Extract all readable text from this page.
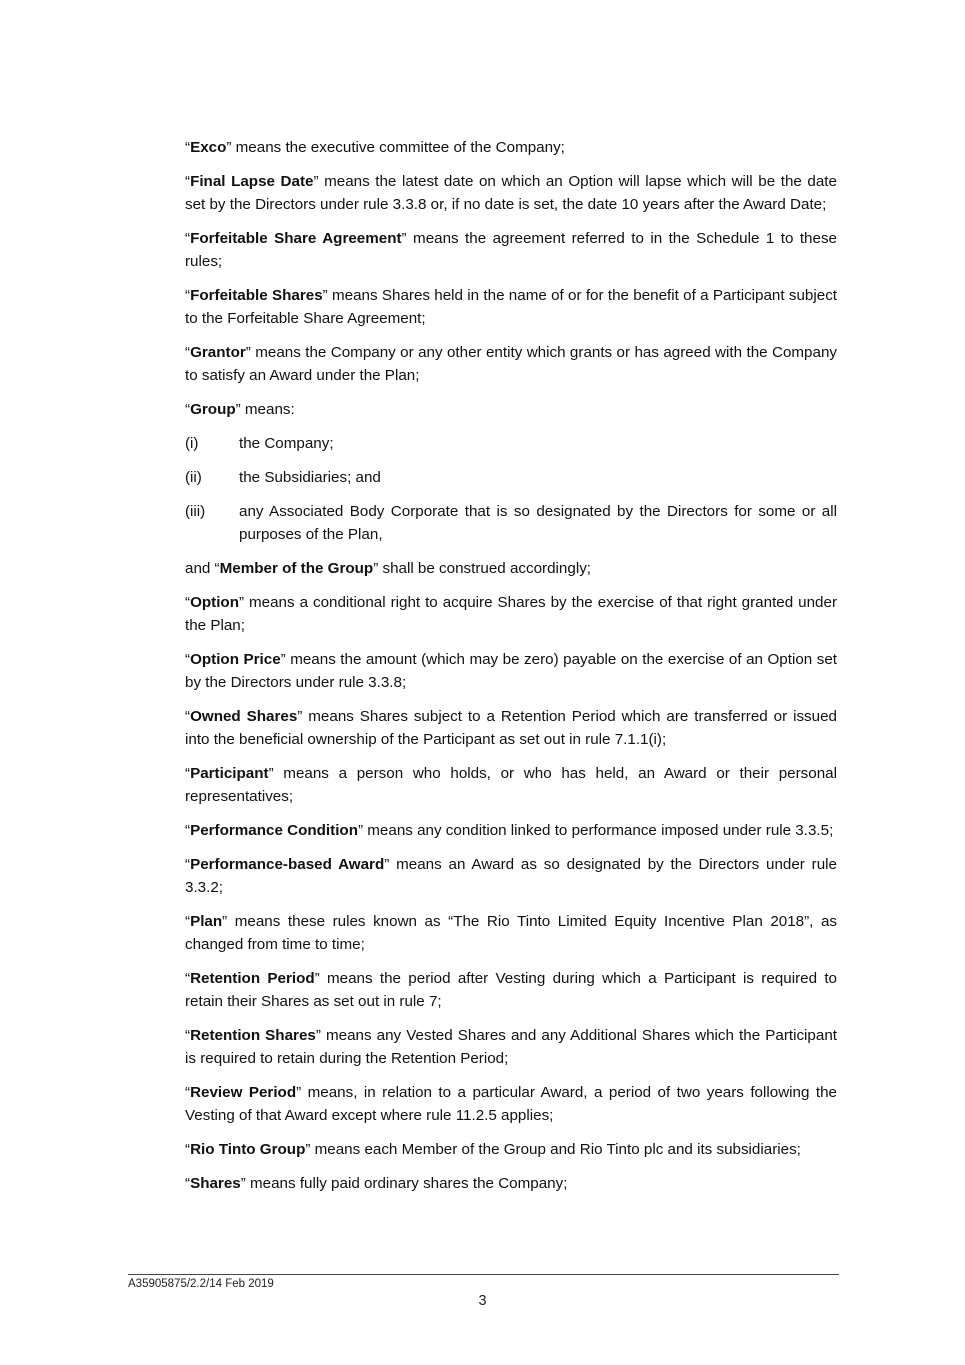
“Exco” means the executive committee of the Company;

“Final Lapse Date” means the latest date on which an Option will lapse which will be the date set by the Directors under rule 3.3.8 or, if no date is set, the date 10 years after the Award Date;

“Forfeitable Share Agreement” means the agreement referred to in the Schedule 1 to these rules;

“Forfeitable Shares” means Shares held in the name of or for the benefit of a Participant subject to the Forfeitable Share Agreement;

“Grantor” means the Company or any other entity which grants or has agreed with the Company to satisfy an Award under the Plan;

“Group” means:

(i)	the Company;
(ii)	the Subsidiaries; and
(iii)	any Associated Body Corporate that is so designated by the Directors for some or all purposes of the Plan,

and “Member of the Group” shall be construed accordingly;

“Option” means a conditional right to acquire Shares by the exercise of that right granted under the Plan;

“Option Price” means the amount (which may be zero) payable on the exercise of an Option set by the Directors under rule 3.3.8;

“Owned Shares” means Shares subject to a Retention Period which are transferred or issued into the beneficial ownership of the Participant as set out in rule 7.1.1(i);

“Participant” means a person who holds, or who has held, an Award or their personal representatives;

“Performance Condition” means any condition linked to performance imposed under rule 3.3.5;

“Performance-based Award” means an Award as so designated by the Directors under rule 3.3.2;

“Plan” means these rules known as “The Rio Tinto Limited Equity Incentive Plan 2018”, as changed from time to time;

“Retention Period” means the period after Vesting during which a Participant is required to retain their Shares as set out in rule 7;

“Retention Shares” means any Vested Shares and any Additional Shares which the Participant is required to retain during the Retention Period;

“Review Period” means, in relation to a particular Award, a period of two years following the Vesting of that Award except where rule 11.2.5 applies;

“Rio Tinto Group” means each Member of the Group and Rio Tinto plc and its subsidiaries;

“Shares” means fully paid ordinary shares the Company;

A35905875/2.2/14 Feb 2019
3
